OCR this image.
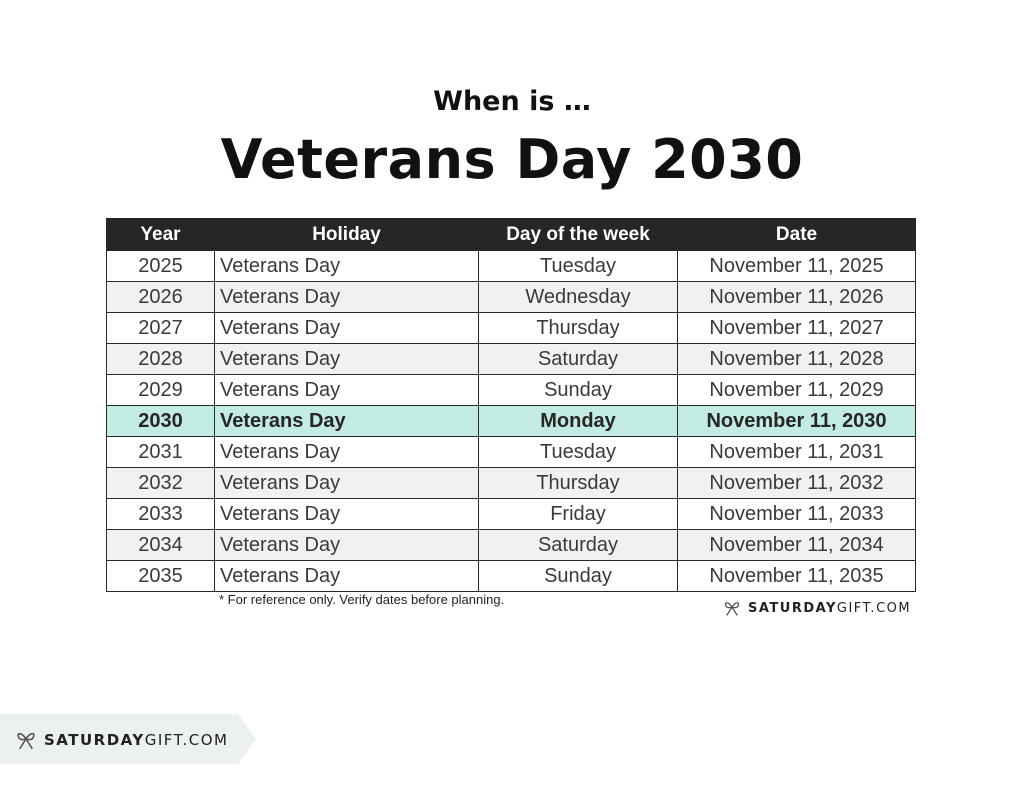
When is …
Veterans Day 2030
Year	Holiday	Day of the week	Date
2025	Veterans Day	Tuesday	November 11, 2025
2026	Veterans Day	Wednesday	November 11, 2026
2027	Veterans Day	Thursday	November 11, 2027
2028	Veterans Day	Saturday	November 11, 2028
2029	Veterans Day	Sunday	November 11, 2029
2030	Veterans Day	Monday	November 11, 2030
2031	Veterans Day	Tuesday	November 11, 2031
2032	Veterans Day	Thursday	November 11, 2032
2033	Veterans Day	Friday	November 11, 2033
2034	Veterans Day	Saturday	November 11, 2034
2035	Veterans Day	Sunday	November 11, 2035
* For reference only. Verify dates before planning.
SATURDAYGIFT.COM
SATURDAYGIFT.COM
